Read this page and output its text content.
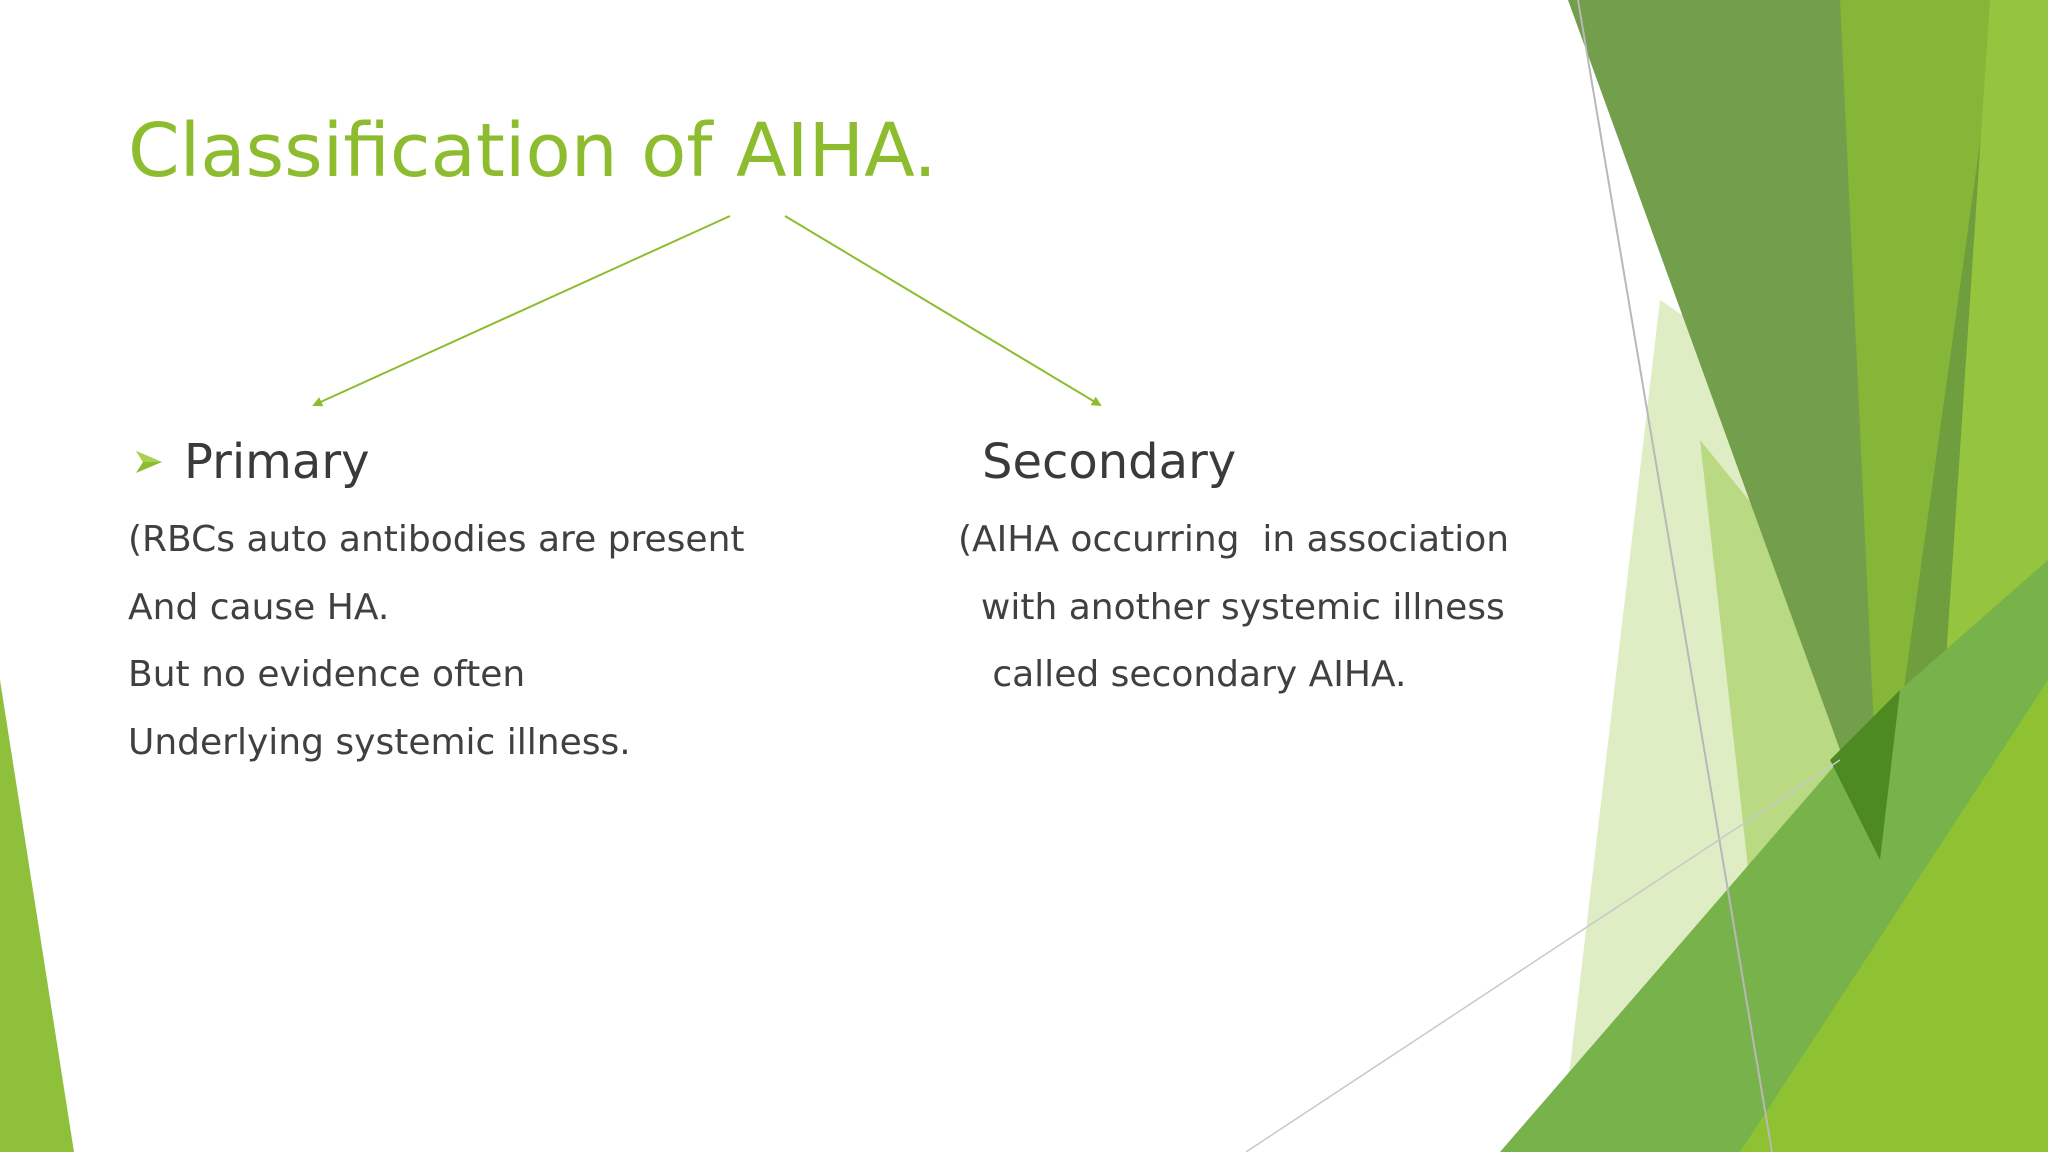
Classification of AIHA.
Primary
(RBCs auto antibodies are present
And cause HA.
But no evidence often
Underlying systemic illness.
Secondary
(AIHA occurring  in association
with another systemic illness
called secondary AIHA.
